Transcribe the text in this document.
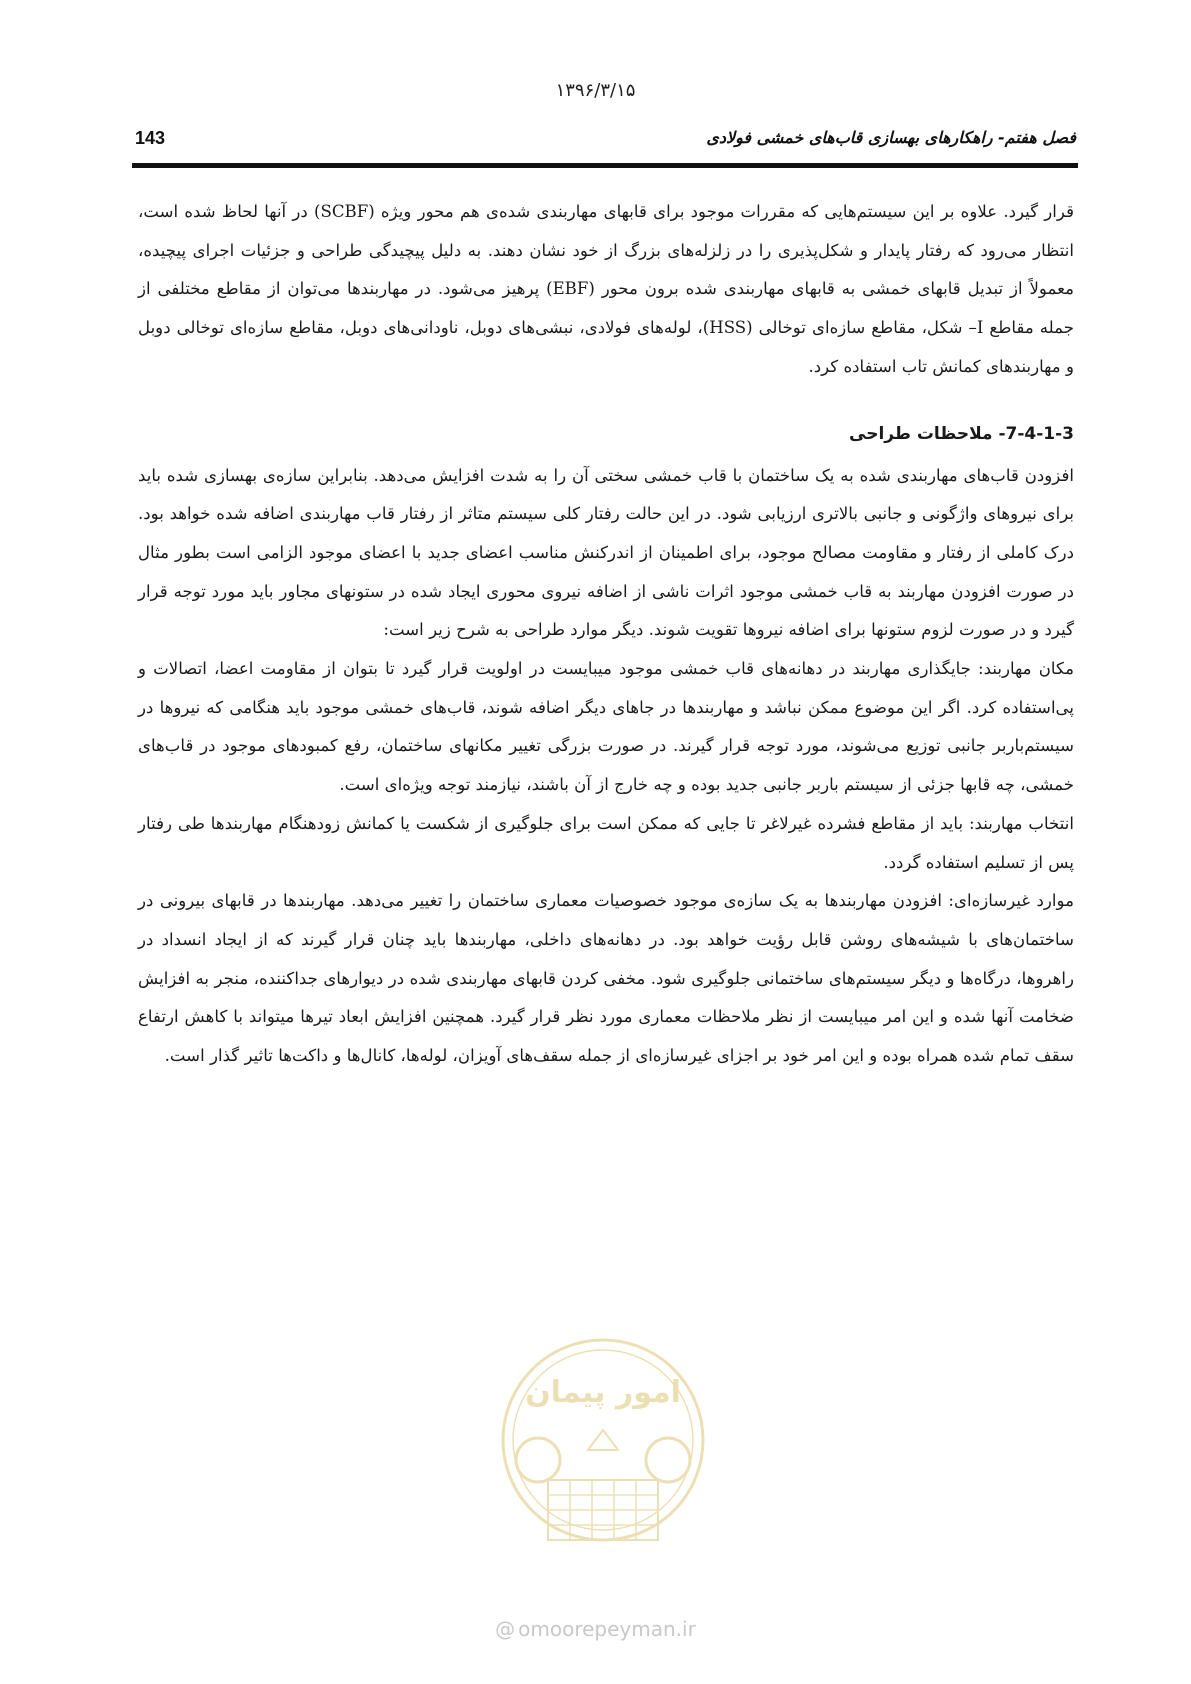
۱۳۹۶/۳/۱۵
143	فصل هفتم- راهکارهای بهسازی قاب‌های خمشی فولادی

قرار گیرد. علاوه بر این سیستم‌هایی که مقررات موجود برای قابهای مهاربندی شده‌ی هم محور ویژه (SCBF) در آنها لحاظ شده است، انتظار می‌رود که رفتار پایدار و شکل‌پذیری را در زلزله‌های بزرگ از خود نشان دهند. به دلیل پیچیدگی طراحی و جزئیات اجرای پیچیده، معمولاً از تبدیل قابهای خمشی به قابهای مهاربندی شده برون محور (EBF) پرهیز می‌شود. در مهاربندها می‌توان از مقاطع مختلفی از جمله مقاطع I– شکل، مقاطع سازه‌ای توخالی (HSS)، لوله‌های فولادی، نبشی‌های دوبل، ناودانی‌های دوبل، مقاطع سازه‌ای توخالی دوبل و مهاربندهای کمانش تاب استفاده کرد.

7-4-1-3- ملاحظات طراحی

افزودن قاب‌های مهاربندی شده به یک ساختمان با قاب خمشی سختی آن را به شدت افزایش می‌دهد. بنابراین سازه‌ی بهسازی شده باید برای نیروهای واژگونی و جانبی بالاتری ارزیابی شود. در این حالت رفتار کلی سیستم متاثر از رفتار قاب مهاربندی اضافه شده خواهد بود. درک کاملی از رفتار و مقاومت مصالح موجود، برای اطمینان از اندرکنش مناسب اعضای جدید با اعضای موجود الزامی است بطور مثال در صورت افزودن مهاربند به قاب خمشی موجود اثرات ناشی از اضافه نیروی محوری ایجاد شده در ستونهای مجاور باید مورد توجه قرار گیرد و در صورت لزوم ستونها برای اضافه نیروها تقویت شوند. دیگر موارد طراحی به شرح زیر است:

مکان مهاربند: جایگذاری مهاربند در دهانه‌های قاب خمشی موجود میبایست در اولویت قرار گیرد تا بتوان از مقاومت اعضا، اتصالات و پی‌استفاده کرد. اگر این موضوع ممکن نباشد و مهاربندها در جاهای دیگر اضافه شوند، قاب‌های خمشی موجود باید هنگامی که نیروها در سیستم‌باربر جانبی توزیع می‌شوند، مورد توجه قرار گیرند. در صورت بزرگی تغییر مکانهای ساختمان، رفع کمبودهای موجود در قاب‌های خمشی، چه قابها جزئی از سیستم باربر جانبی جدید بوده و چه خارج از آن باشند، نیازمند توجه ویژه‌ای است.

انتخاب مهاربند: باید از مقاطع فشرده غیرلاغر تا جایی که ممکن است برای جلوگیری از شکست یا کمانش زودهنگام مهاربندها طی رفتار پس از تسلیم استفاده گردد.

موارد غیرسازه‌ای: افزودن مهاربندها به یک سازه‌ی موجود خصوصیات معماری ساختمان را تغییر می‌دهد. مهاربندها در قابهای بیرونی در ساختمان‌های با شیشه‌های روشن قابل رؤیت خواهد بود. در دهانه‌های داخلی، مهاربندها باید چنان قرار گیرند که از ایجاد انسداد در راهروها، درگاه‌ها و دیگر سیستم‌های ساختمانی جلوگیری شود. مخفی کردن قابهای مهاربندی شده در دیوارهای جداکننده، منجر به افزایش ضخامت آنها شده و این امر میبایست از نظر ملاحظات معماری مورد نظر قرار گیرد. همچنین افزایش ابعاد تیرها میتواند با کاهش ارتفاع سقف تمام شده همراه بوده و این امر خود بر اجزای غیرسازه‌ای از جمله سقف‌های آویزان، لوله‌ها، کانال‌ها و داکت‌ها تاثیر گذار است.

امور پیمان
@ omoorepeyman.ir
